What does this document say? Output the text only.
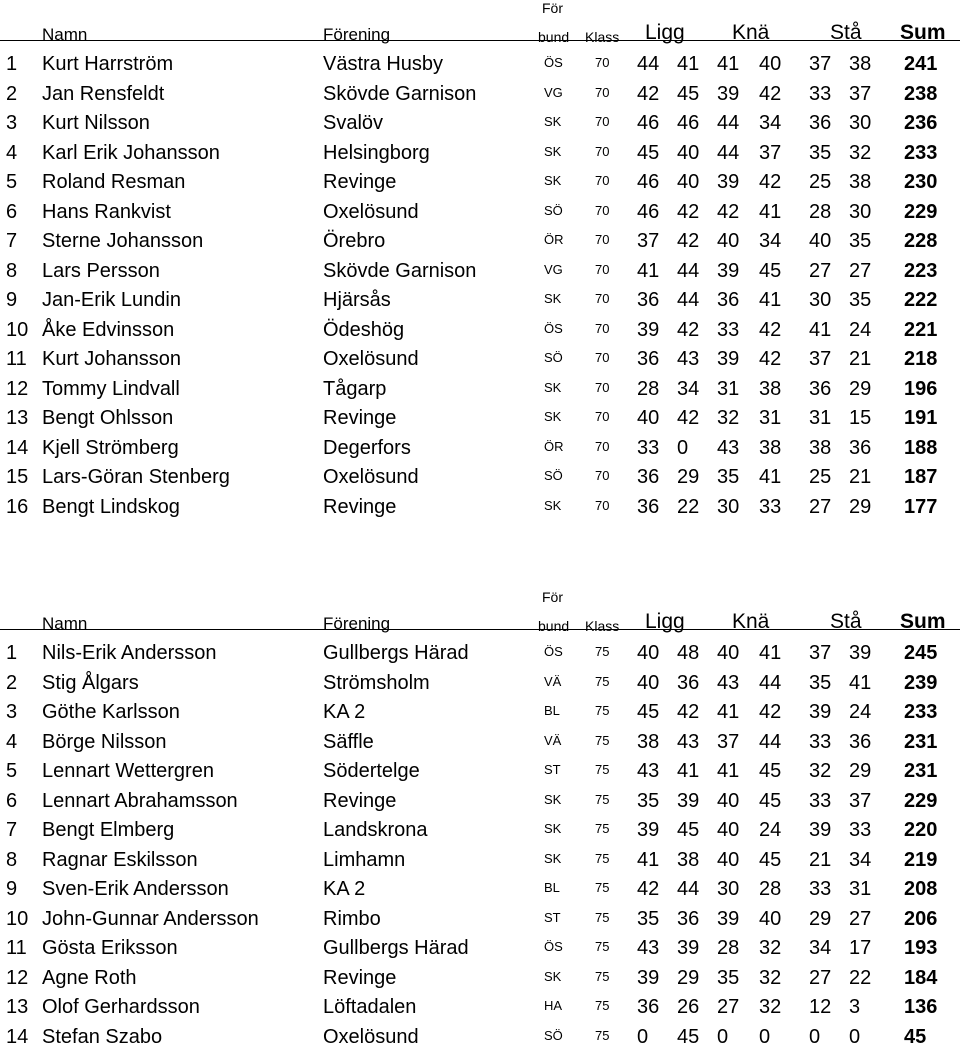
Namn	Förening
För
bund Klass Ligg Knä	Stå Sum
1	Kurt Harrström	Västra Husby	ÖS 70 44 41 41 40 37 38 241
2	Jan Rensfeldt	Skövde Garnison	VG 70 42 45 39 42 33 37 238
3	Kurt Nilsson	Svalöv	SK	70 46 46 44 34 36 30 236
4	Karl Erik Johansson	Helsingborg	SK	70 45 40 44 37 35 32 233
5	Roland Resman	Revinge	SK	70 46 40 39 42 25 38 230
6	Hans Rankvist	Oxelösund	SÖ 70 46 42 42 41 28 30 229
7	Sterne Johansson	Örebro	ÖR 70 37 42 40 34 40 35 228
8	Lars Persson	Skövde Garnison	VG 70 41 44 39 45 27 27 223
9	Jan-Erik Lundin	Hjärsås	SK	70 36 44 36 41 30 35 222
10 Åke Edvinsson	Ödeshög	ÖS 70 39 42 33 42 41 24 221
11 Kurt Johansson	Oxelösund	SÖ 70 36 43 39 42 37 21 218
12 Tommy Lindvall	Tågarp	SK	70 28 34 31 38 36 29 196
13 Bengt Ohlsson	Revinge	SK	70 40 42 32 31 31 15 191
14 Kjell Strömberg	Degerfors	ÖR 70 33 0	43 38 38 36 188
15 Lars-Göran Stenberg	Oxelösund	SÖ 70 36 29 35 41 25 21 187
16 Bengt Lindskog	Revinge	SK	70 36 22 30 33 27 29 177
Namn	Förening
För
bund Klass Ligg Knä	Stå Sum
1	Nils-Erik Andersson	Gullbergs Härad	ÖS 75 40 48 40 41 37 39 245
2	Stig Ålgars	Strömsholm	VÄ	75 40 36 43 44 35 41 239
3	Göthe Karlsson	KA 2	BL	75 45 42 41 42 39 24 233
4	Börge Nilsson	Säffle	VÄ	75 38 43 37 44 33 36 231
5	Lennart Wettergren	Södertelge	ST	75 43 41 41 45 32 29 231
6	Lennart Abrahamsson	Revinge	SK	75 35 39 40 45 33 37 229
7	Bengt Elmberg	Landskrona	SK	75 39 45 40 24 39 33 220
8	Ragnar Eskilsson	Limhamn	SK	75 41 38 40 45 21 34 219
9	Sven-Erik Andersson	KA 2	BL	75 42 44 30 28 33 31 208
10 John-Gunnar Andersson	Rimbo	ST	75 35 36 39 40 29 27 206
11 Gösta Eriksson	Gullbergs Härad	ÖS 75 43 39 28 32 34 17 193
12 Agne Roth	Revinge	SK	75 39 29 35 32 27 22 184
13 Olof Gerhardsson	Löftadalen	HA	75 36 26 27 32 12 3	136
14 Stefan Szabo	Oxelösund	SÖ 75 0	45 0	0	0	0	45
